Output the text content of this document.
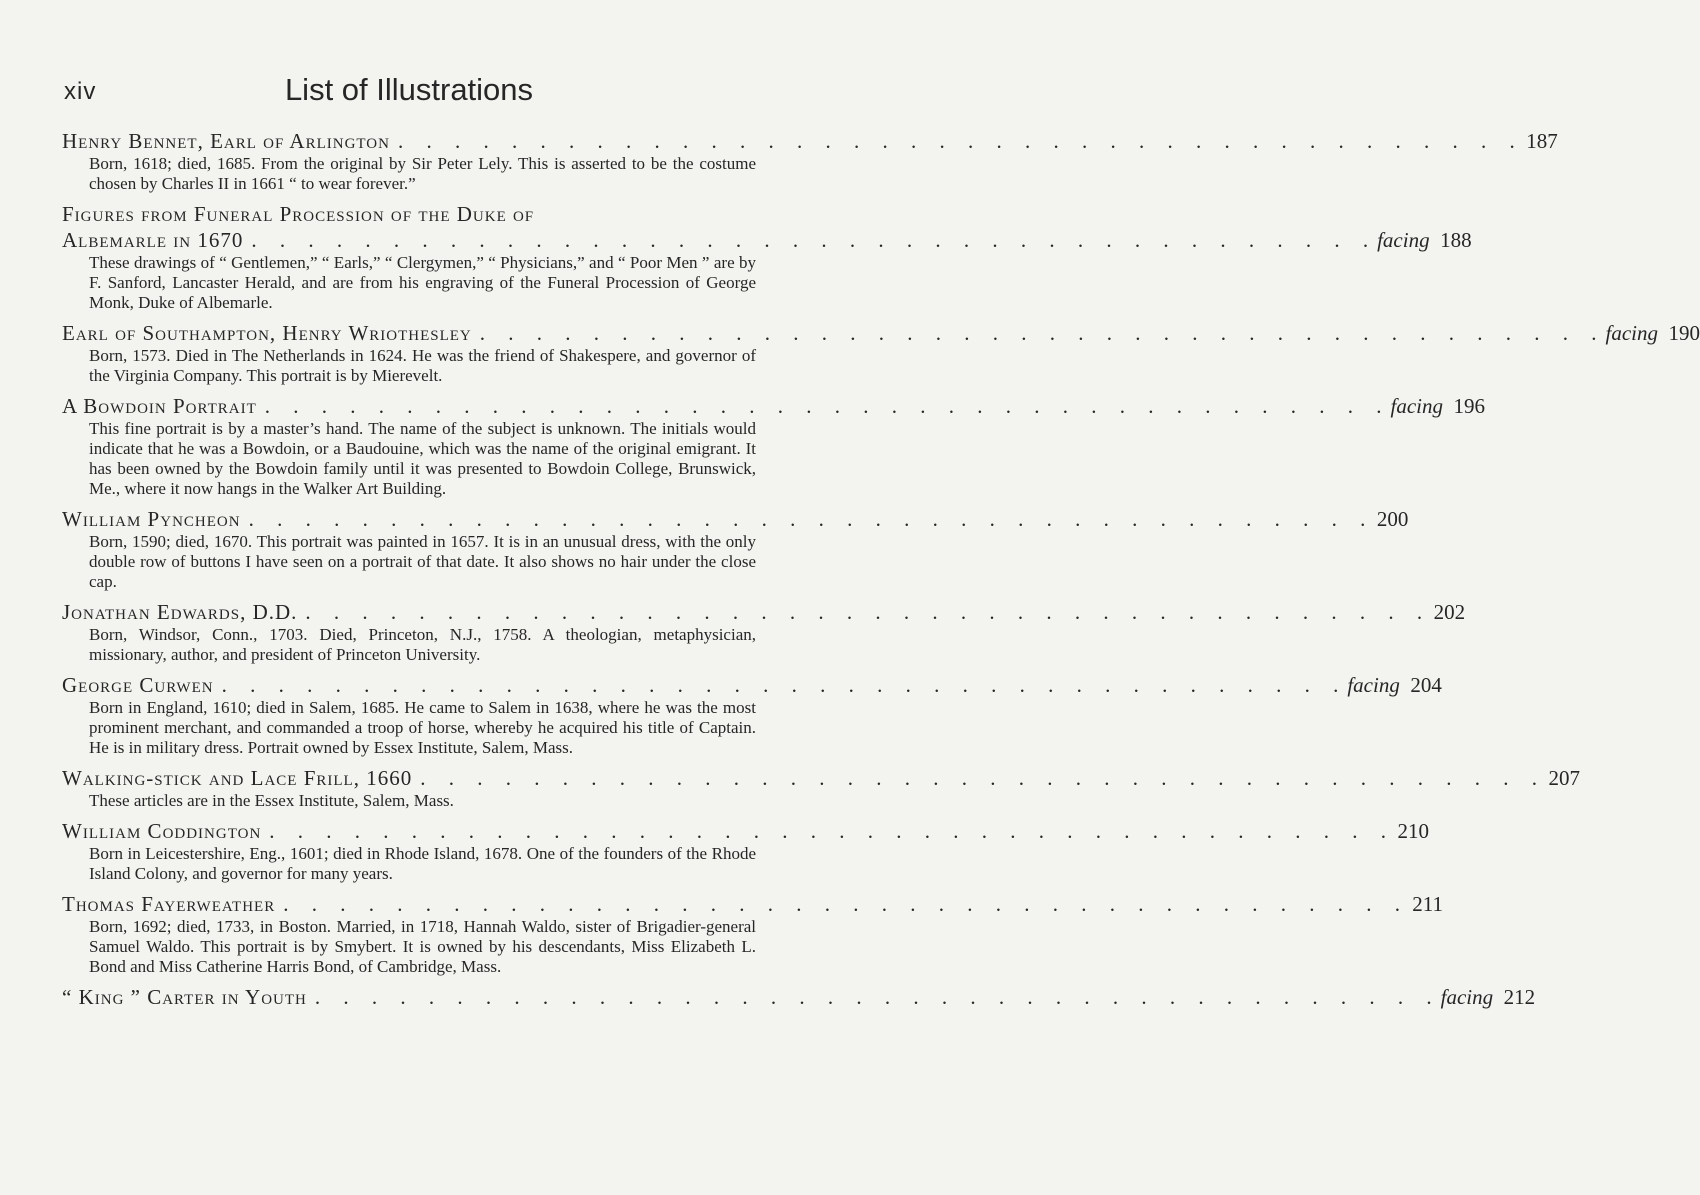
xiv	List of Illustrations
Henry Bennet, Earl of Arlington . . . . . . . . . . . . . . . . . . . . . . . . . . . . . . . . . . . . . . . . 187
Born, 1618; died, 1685. From the original by Sir Peter Lely. This is asserted to be the costume chosen by Charles II in 1661 “ to wear forever.”
Figures from Funeral Procession of the Duke of
Albemarle in 1670 . . . . . . . . . . . . . . . . . . . . . . . . . . . . . . . . . . . . . . . . facing 188
These drawings of “ Gentlemen,” “ Earls,” “ Clergymen,” “ Physicians,” and “ Poor Men ” are by F. Sanford, Lancaster Herald, and are from his engraving of the Funeral Procession of George Monk, Duke of Albemarle.
Earl of Southampton, Henry Wriothesley . . . . . . . . . . . . . . . . . . . . . . . . . . . . . . . . . . . . . . . . facing 190
Born, 1573. Died in The Netherlands in 1624. He was the friend of Shakespere, and governor of the Virginia Company. This portrait is by Mierevelt.
A Bowdoin Portrait . . . . . . . . . . . . . . . . . . . . . . . . . . . . . . . . . . . . . . . . facing 196
This fine portrait is by a master’s hand. The name of the subject is unknown. The initials would indicate that he was a Bowdoin, or a Baudouine, which was the name of the original emigrant. It has been owned by the Bowdoin family until it was presented to Bowdoin College, Brunswick, Me., where it now hangs in the Walker Art Building.
William Pyncheon . . . . . . . . . . . . . . . . . . . . . . . . . . . . . . . . . . . . . . . . 200
Born, 1590; died, 1670. This portrait was painted in 1657. It is in an unusual dress, with the only double row of buttons I have seen on a portrait of that date. It also shows no hair under the close cap.
Jonathan Edwards, D.D. . . . . . . . . . . . . . . . . . . . . . . . . . . . . . . . . . . . . . . . . 202
Born, Windsor, Conn., 1703. Died, Princeton, N.J., 1758. A theologian, metaphysician, missionary, author, and president of Princeton University.
George Curwen . . . . . . . . . . . . . . . . . . . . . . . . . . . . . . . . . . . . . . . . facing 204
Born in England, 1610; died in Salem, 1685. He came to Salem in 1638, where he was the most prominent merchant, and commanded a troop of horse, whereby he acquired his title of Captain. He is in military dress. Portrait owned by Essex Institute, Salem, Mass.
Walking-stick and Lace Frill, 1660 . . . . . . . . . . . . . . . . . . . . . . . . . . . . . . . . . . . . . . . . 207
These articles are in the Essex Institute, Salem, Mass.
William Coddington . . . . . . . . . . . . . . . . . . . . . . . . . . . . . . . . . . . . . . . . 210
Born in Leicestershire, Eng., 1601; died in Rhode Island, 1678. One of the founders of the Rhode Island Colony, and governor for many years.
Thomas Fayerweather . . . . . . . . . . . . . . . . . . . . . . . . . . . . . . . . . . . . . . . . 211
Born, 1692; died, 1733, in Boston. Married, in 1718, Hannah Waldo, sister of Brigadier-general Samuel Waldo. This portrait is by Smybert. It is owned by his descendants, Miss Elizabeth L. Bond and Miss Catherine Harris Bond, of Cambridge, Mass.
“ King ” Carter in Youth . . . . . . . . . . . . . . . . . . . . . . . . . . . . . . . . . . . . . . . . facing 212
